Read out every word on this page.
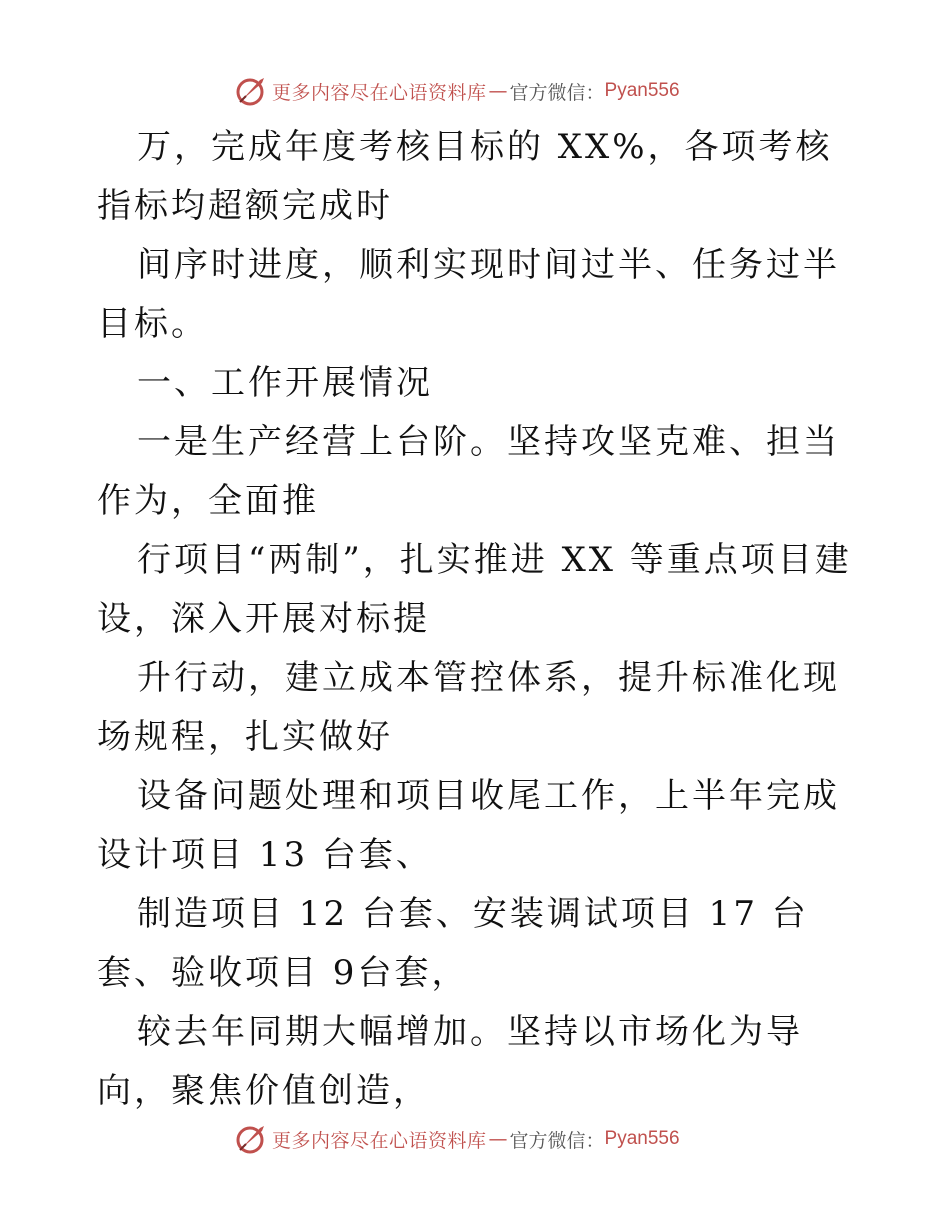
更多内容尽在心语资料库 — 官方微信： Pyan556

万，完成年度考核目标的 XX%，各项考核指标均超额完成时

间序时进度，顺利实现时间过半、任务过半目标。

一、工作开展情况

一是生产经营上台阶。坚持攻坚克难、担当作为，全面推

行项目“两制”，扎实推进 XX 等重点项目建设，深入开展对标提

升行动，建立成本管控体系，提升标准化现场规程，扎实做好

设备问题处理和项目收尾工作，上半年完成设计项目 13 台套、

制造项目 12 台套、安装调试项目 17 台套、验收项目 9台套，

较去年同期大幅增加。坚持以市场化为导向，聚焦价值创造，

更多内容尽在心语资料库 — 官方微信： Pyan556
